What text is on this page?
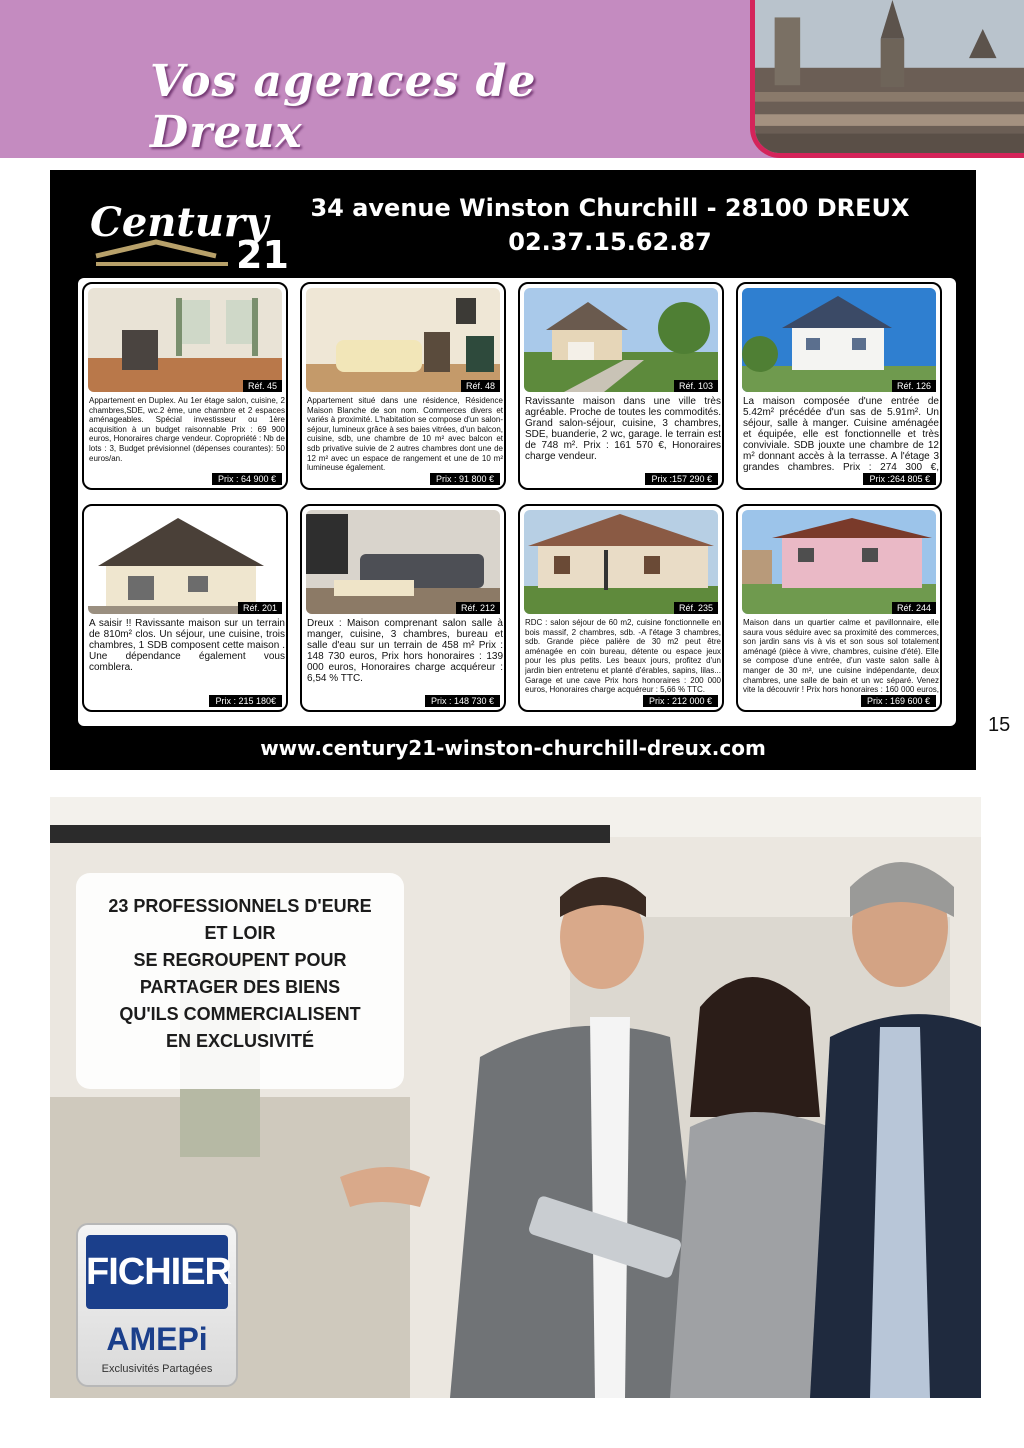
Vos agences de Dreux
15
Century
21
34 avenue Winston Churchill - 28100 DREUX
02.37.15.62.87
Réf. 45
Appartement en Duplex. Au 1er étage salon, cuisine, 2 chambres,SDE, wc.2 ème, une chambre et 2 espaces aménageables. Spécial investisseur ou 1ère acquisition à un budget raisonnable Prix : 69 900 euros, Honoraires charge vendeur. Copropriété : Nb de lots : 3, Budget prévisionnel (dépenses courantes): 50 euros/an.
Prix : 64 900 €
Réf. 48
Appartement situé dans une résidence, Résidence Maison Blanche de son nom. Commerces divers et variés à proximité. L'habitation se compose d'un salon-séjour, lumineux grâce à ses baies vitrées, d'un balcon, cuisine, sdb, une chambre de 10 m² avec balcon et sdb privative suivie de 2 autres chambres dont une de 12 m² avec un espace de rangement et une de 10 m² lumineuse également.
Prix : 91 800 €
Réf. 103
Ravissante maison dans une ville très agréable. Proche de toutes les commodités. Grand salon-séjour, cuisine, 3 chambres, SDE, buanderie, 2 wc, garage. le terrain est de 748 m². Prix : 161 570 €, Honoraires charge vendeur.
Prix :157 290 €
Réf. 126
La maison composée d'une entrée de 5.42m² précédée d'un sas de 5.91m². Un séjour, salle à manger. Cuisine aménagée et équipée, elle est fonctionnelle et très conviviale. SDB jouxte une chambre de 12 m² donnant accès à la terrasse. A l'étage 3 grandes chambres. Prix : 274 300 €,
Prix :264 805 €
Réf. 201
A saisir !! Ravissante maison sur un terrain de 810m² clos. Un séjour, une cuisine, trois chambres, 1 SDB composent cette maison . Une dépendance également vous comblera.
Prix : 215 180€
Réf. 212
Dreux : Maison comprenant salon salle à manger, cuisine, 3 chambres, bureau et salle d'eau sur un terrain de 458 m² Prix : 148 730 euros, Prix hors honoraires : 139 000 euros, Honoraires charge acquéreur : 6,54 % TTC.
Prix : 148 730 €
Réf. 235
RDC : salon séjour de 60 m2, cuisine fonctionnelle en bois massif, 2 chambres, sdb. -A l'étage 3 chambres, sdb. Grande pièce palière de 30 m2 peut être aménagée en coin bureau, détente ou espace jeux pour les plus petits. Les beaux jours, profitez d'un jardin bien entretenu et planté d'érables, sapins, lilas... Garage et une cave Prix hors honoraires : 200 000 euros, Honoraires charge acquéreur : 5,66 % TTC.
Prix : 212 000 €
Réf. 244
Maison dans un quartier calme et pavillonnaire, elle saura vous séduire avec sa proximité des commerces, son jardin sans vis à vis et son sous sol totalement aménagé (pièce à vivre, chambres, cuisine d'été). Elle se compose d'une entrée, d'un vaste salon salle à manger de 30 m², une cuisine indépendante, deux chambres, une salle de bain et un wc séparé. Venez vite la découvrir ! Prix hors honoraires : 160 000 euros,
Prix : 169 600 €
www.century21-winston-churchill-dreux.com
23 PROFESSIONNELS D'EURE
ET LOIR
SE REGROUPENT POUR
PARTAGER DES BIENS
QU'ILS COMMERCIALISENT
EN EXCLUSIVITÉ
FICHIER
AMEPi
Exclusivités Partagées
